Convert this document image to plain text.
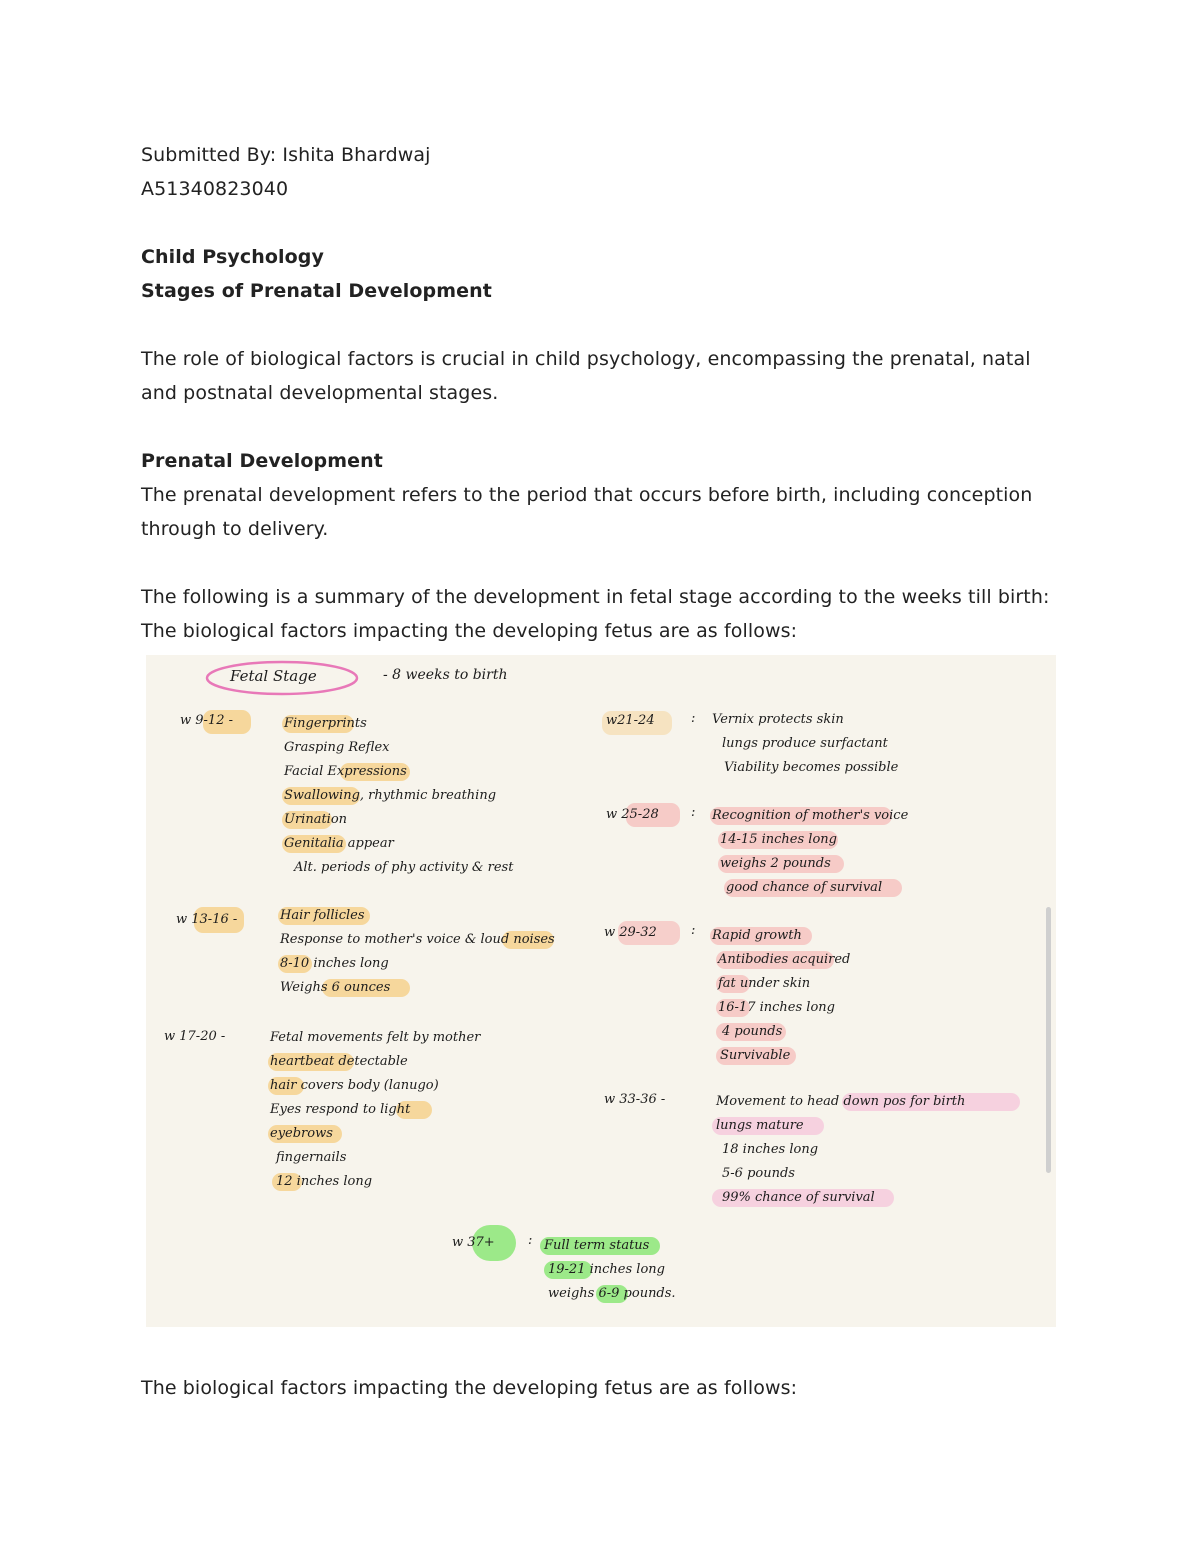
Submitted By: Ishita Bhardwaj

A51340823040

Child Psychology

Stages of Prenatal Development

The role of biological factors is crucial in child psychology, encompassing the prenatal, natal

and postnatal developmental stages.

Prenatal Development

The prenatal development refers to the period that occurs before birth, including conception

through to delivery.

The following is a summary of the development in fetal stage according to the weeks till birth:

The biological factors impacting the developing fetus are as follows:

Fetal Stage	- 8 weeks to birth
w 9-12 -	Fingerprints
Grasping Reflex
Facial Expressions
Swallowing, rhythmic breathing
Urination
Genitalia appear
Alt. periods of phy activity & rest
w 13-16 -	Hair follicles
Response to mother's voice & loud noises
8-10 inches long
Weighs 6 ounces
w 17-20 -	Fetal movements felt by mother
heartbeat detectable
hair covers body (lanugo)
Eyes respond to light
eyebrows
fingernails
12 inches long
w21-24	: Vernix protects skin
lungs produce surfactant
Viability becomes possible
w 25-28 : Recognition of mother's voice
14-15 inches long
weighs 2 pounds
good chance of survival
w 29-32	: Rapid growth
Antibodies acquired
fat under skin
16-17 inches long
4 pounds
Survivable
w 33-36 -	Movement to head down pos for birth
lungs mature
18 inches long
5-6 pounds
99% chance of survival
w 37+	: Full term status
19-21 inches long
weighs 6-9 pounds.

The biological factors impacting the developing fetus are as follows:
